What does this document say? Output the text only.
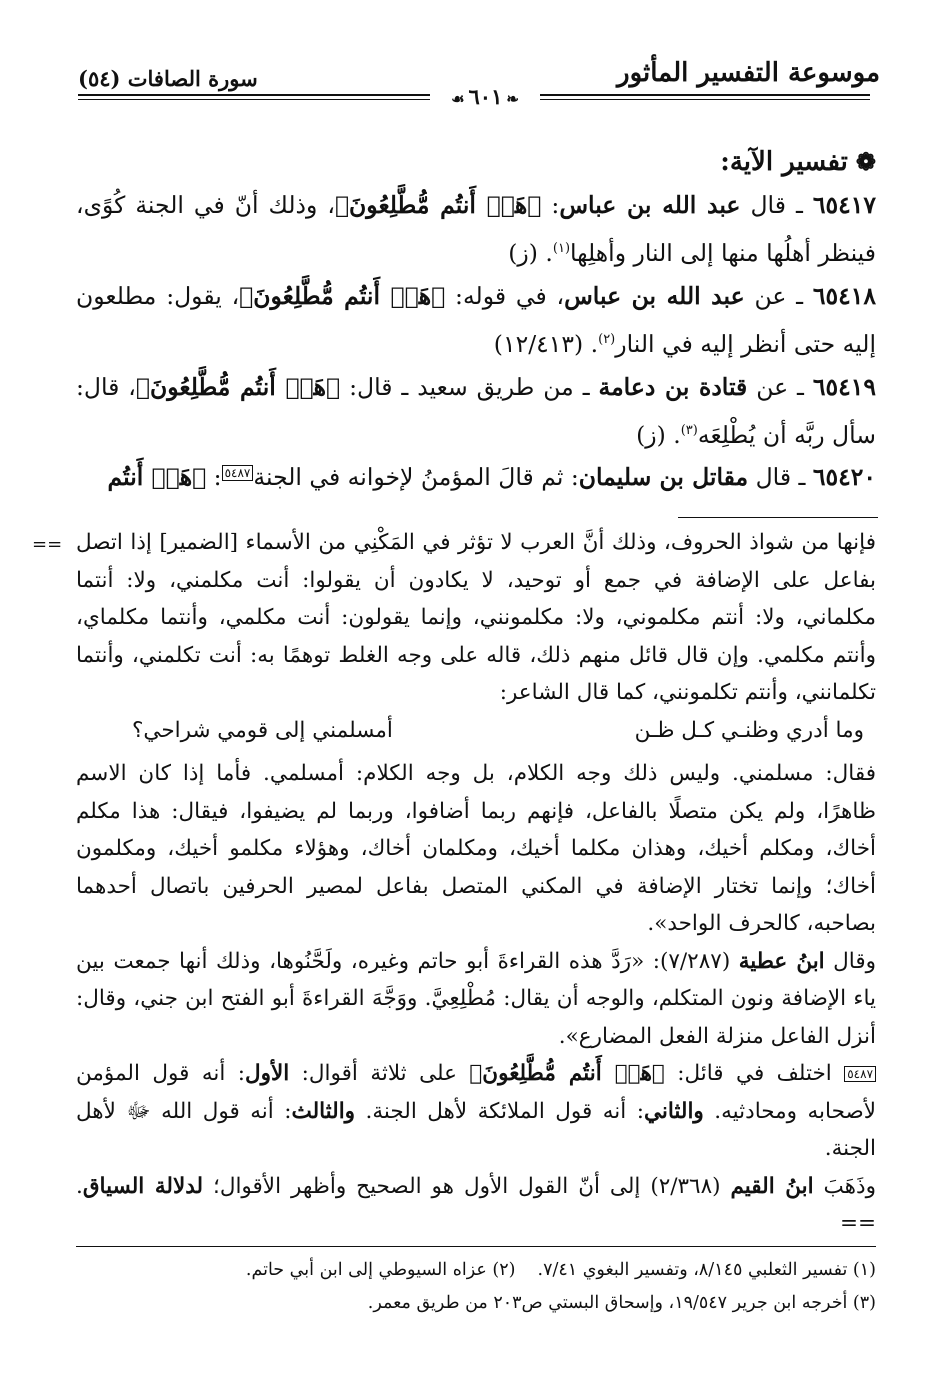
موسوعة التفسير المأثور
سورة الصافات (٥٤)
❧٦٠١☙
❁تفسير الآية:

٦٥٤١٧ ـ قال عبد الله بن عباس: ﴿هَلۡ أَنتُم مُّطَّلِعُونَ﴾، وذلك أنّ في الجنة كُوًى، فينظر أهلُها منها إلى النار وأهلِها$^{(١)}$. (ز)

٦٥٤١٨ ـ عن عبد الله بن عباس، في قوله: ﴿هَلۡ أَنتُم مُّطَّلِعُونَ﴾، يقول: مطلعون إليه حتى أنظر إليه في النار$^{(٢)}$. (١٢/٤١٣)

٦٥٤١٩ ـ عن قتادة بن دعامة ـ من طريق سعيد ـ قال: ﴿هَلۡ أَنتُم مُّطَّلِعُونَ﴾، قال: سأل ربَّه أن يُطْلِعَه$^{(٣)}$. (ز)

٦٥٤٢٠ ـ قال مقاتل بن سليمان: ثم قالَ المؤمنُ لإخوانه في الجنة٥٤٨٧: ﴿هَلۡ أَنتُم

== فإنها من شواذ الحروف، وذلك أنَّ العرب لا تؤثر في المَكْنِي من الأسماء [الضمير] إذا اتصل بفاعل على الإضافة في جمع أو توحيد، لا يكادون أن يقولوا: أنت مكلمني، ولا: أنتما مكلماني، ولا: أنتم مكلموني، ولا: مكلمونني، وإنما يقولون: أنت مكلمي، وأنتما مكلماي، وأنتم مكلمي. وإن قال قائل منهم ذلك، قاله على وجه الغلط توهمًا به: أنت تكلمني، وأنتما تكلمانني، وأنتم تكلمونني، كما قال الشاعر:

وما أدري وظنـي كـل ظـن
أمسلمني إلى قومي شراحي؟

فقال: مسلمني. وليس ذلك وجه الكلام، بل وجه الكلام: أمسلمي. فأما إذا كان الاسم ظاهرًا، ولم يكن متصلًا بالفاعل، فإنهم ربما أضافوا، وربما لم يضيفوا، فيقال: هذا مكلم أخاك، ومكلم أخيك، وهذان مكلما أخيك، ومكلمان أخاك، وهؤلاء مكلمو أخيك، ومكلمون أخاك؛ وإنما تختار الإضافة في المكني المتصل بفاعل لمصير الحرفين باتصال أحدهما بصاحبه، كالحرف الواحد».

وقال ابنُ عطية (٧/٢٨٧): «رَدَّ هذه القراءةَ أبو حاتم وغيره، ولَحَّنُوها، وذلك أنها جمعت بين ياء الإضافة ونون المتكلم، والوجه أن يقال: مُطْلِعِيَّ. ووَجَّهَ القراءةَ أبو الفتح ابن جني، وقال: أنزل الفاعل منزلة الفعل المضارع».

٥٤٨٧ اختلف في قائل: ﴿هَلۡ أَنتُم مُّطَّلِعُونَ﴾ على ثلاثة أقوال: الأول: أنه قول المؤمن لأصحابه ومحادثيه. والثاني: أنه قول الملائكة لأهل الجنة. والثالث: أنه قول الله ﷻ لأهل الجنة.

وذَهَبَ ابنُ القيم (٢/٣٦٨) إلى أنّ القول الأول هو الصحيح وأظهر الأقوال؛ لدلالة السياق. ==

(١) تفسير الثعلبي ٨/١٤٥، وتفسير البغوي ٧/٤١.(٢) عزاه السيوطي إلى ابن أبي حاتم.

(٣) أخرجه ابن جرير ١٩/٥٤٧، وإسحاق البستي ص٢٠٣ من طريق معمر.
